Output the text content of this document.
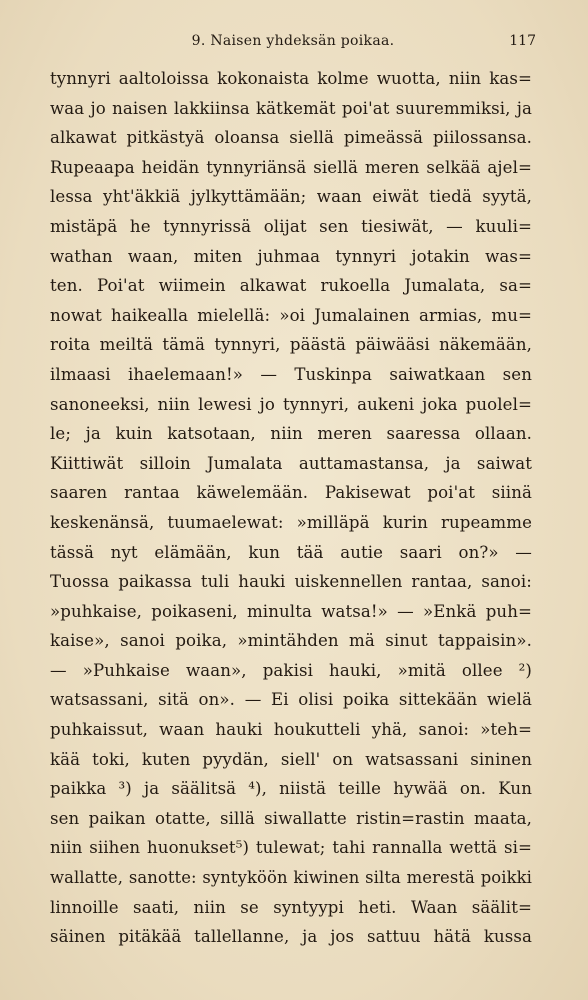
9. Naisen yhdeksän poikaa.	117
tynnyri aaltoloissa kokonaista kolme wuotta, niin kas=
waa jo naisen lakkiinsa kätkemät poi'at suuremmiksi, ja
alkawat pitkästyä oloansa siellä pimeässä piilossansa.
Rupeaapa heidän tynnyriänsä siellä meren selkää ajel=
lessa yht'äkkiä jylkyttämään; waan eiwät tiedä syytä,
mistäpä he tynnyrissä olijat sen tiesiwät, — kuuli=
wathan waan, miten juhmaa tynnyri jotakin was=
ten. Poi'at wiimein alkawat rukoella Jumalata, sa=
nowat haikealla mielellä: »oi Jumalainen armias, mu=
roita meiltä tämä tynnyri, päästä päiwääsi näkemään,
ilmaasi ihaelemaan!» — Tuskinpa saiwatkaan sen
sanoneeksi, niin lewesi jo tynnyri, aukeni joka puolel=
le; ja kuin katsotaan, niin meren saaressa ollaan.
Kiittiwät silloin Jumalata auttamastansa, ja saiwat
saaren rantaa käwelemään. Pakisewat poi'at siinä
keskenänsä, tuumaelewat: »milläpä kurin rupeamme
tässä nyt elämään, kun tää autie saari on?» —
Tuossa paikassa tuli hauki uiskennellen rantaa, sanoi:
»puhkaise, poikaseni, minulta watsa!» — »Enkä puh=
kaise», sanoi poika, »mintähden mä sinut tappaisin».
— »Puhkaise waan», pakisi hauki, »mitä ollee ²)
watsassani, sitä on». — Ei olisi poika sittekään wielä
puhkaissut, waan hauki houkutteli yhä, sanoi: »teh=
kää toki, kuten pyydän, siell' on watsassani sininen
paikka ³) ja säälitsä ⁴), niistä teille hywää on. Kun
sen paikan otatte, sillä siwallatte ristin=rastin maata,
niin siihen huonukset⁵) tulewat; tahi rannalla wettä si=
wallatte, sanotte: syntyköön kiwinen silta merestä poikki
linnoille saati, niin se syntyypi heti. Waan säälit=
säinen pitäkää tallellanne, ja jos sattuu hätä kussa
